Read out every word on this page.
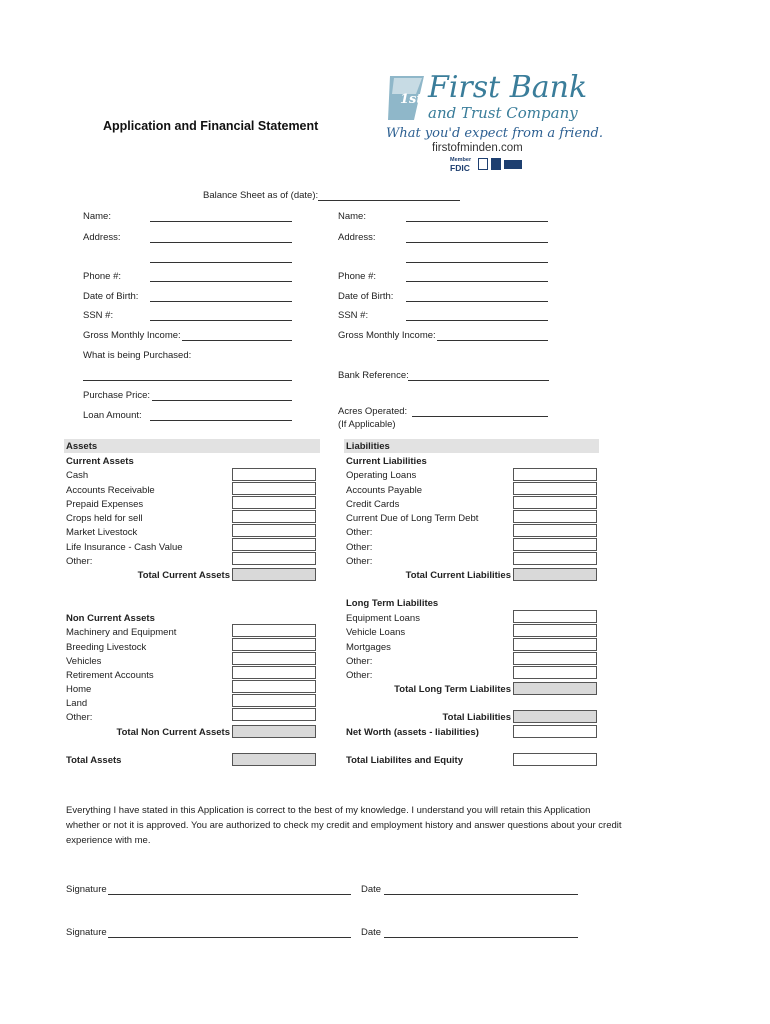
1st First Bank
and Trust Company
What you'd expect from a friend.
firstofminden.com
Member
FDIC
Application and Financial Statement
Balance Sheet as of (date):
Name:
Address:
Phone #:
Date of Birth:
SSN #:
Gross Monthly Income:
Name:
Address:
Phone #:
Date of Birth:
SSN #:
Gross Monthly Income:
What is being Purchased:
Bank Reference:
Purchase Price:
Loan Amount:	Acres Operated:
(If Applicable)
Assets	Liabilities
Current Assets
Cash
Accounts Receivable
Prepaid Expenses
Crops held for sell
Market Livestock
Life Insurance - Cash Value
Other:
Total Current Assets
Current Liabilities
Operating Loans
Accounts Payable
Credit Cards
Current Due of Long Term Debt
Other:
Other:
Other:
Total Current Liabilities
Long Term Liabilites
Equipment Loans
Vehicle Loans
Mortgages
Other:
Other:
Total Long Term Liabilites
Total Liabilities
Net Worth (assets - liabilities)
Non Current Assets
Machinery and Equipment
Breeding Livestock
Vehicles
Retirement Accounts
Home
Land
Other:
Total Non Current Assets
Total Assets	Total Liabilites and Equity
Everything I have stated in this Application is correct to the best of my knowledge. I understand you will retain this Application whether or not it is approved. You are authorized to check my credit and employment history and answer questions about your credit experience with me.
Signature	Date
Signature	Date
